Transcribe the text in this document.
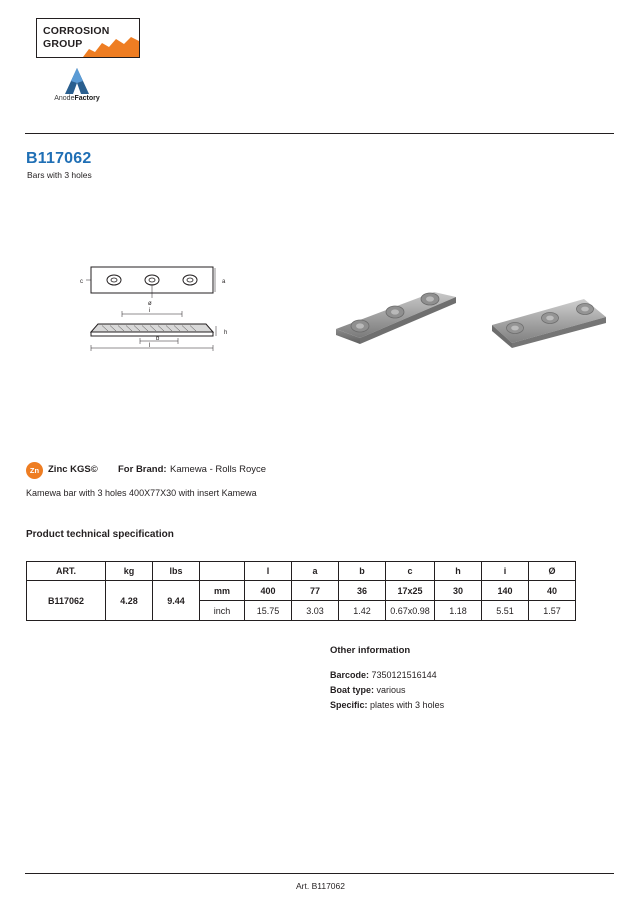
CORROSION
GROUP
AnodeFactory
B117062
Bars with 3 holes
c	a
ø
i
h
b
l
Zn Zinc KGS© For Brand: Kamewa - Rolls Royce
Kamewa bar with 3 holes 400X77X30 with insert Kamewa
Product technical specification
ART.	kg	lbs		l	a	b	c	h	i	Ø
B117062	4.28	9.44	mm	400	77	36	17x25	30	140	40
			inch	15.75	3.03	1.42	0.67x0.98	1.18	5.51	1.57
Other information
Barcode: 7350121516144
Boat type: various
Specific: plates with 3 holes
Art. B117062
